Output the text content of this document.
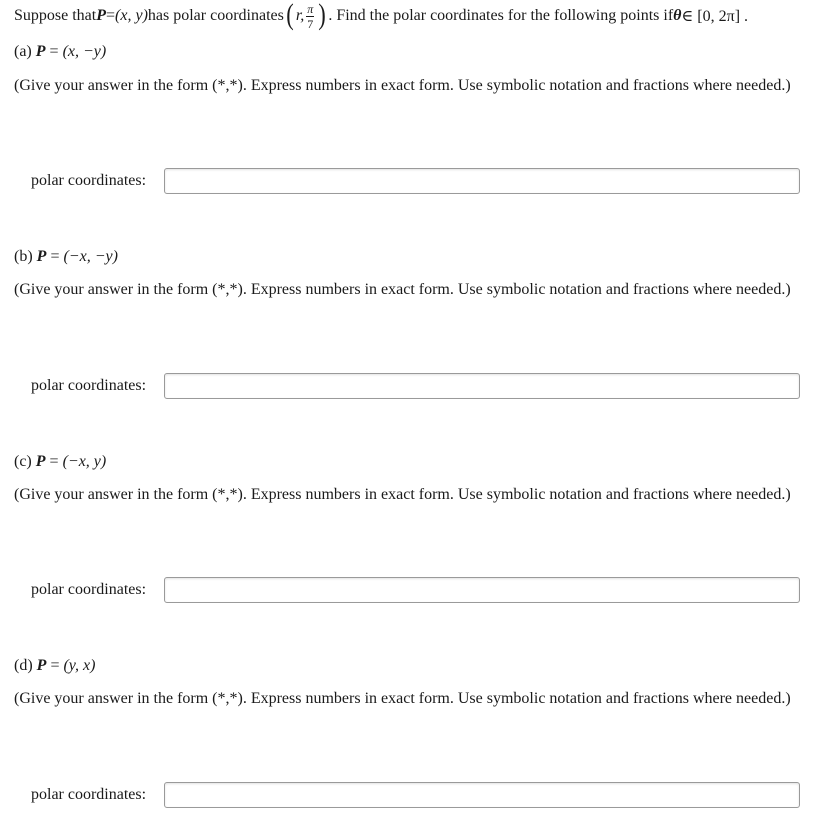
Suppose that P = (x, y) has polar coordinates ( r, $\frac{\pi}{7}$ ) . Find the polar coordinates for the following points if θ ∈ [0, 2π] .
(a) P = (x, −y)
(Give your answer in the form (*,*). Express numbers in exact form. Use symbolic notation and fractions where needed.)
polar coordinates:
(b) P = (−x, −y)
(Give your answer in the form (*,*). Express numbers in exact form. Use symbolic notation and fractions where needed.)
polar coordinates:
(c) P = (−x, y)
(Give your answer in the form (*,*). Express numbers in exact form. Use symbolic notation and fractions where needed.)
polar coordinates:
(d) P = (y, x)
(Give your answer in the form (*,*). Express numbers in exact form. Use symbolic notation and fractions where needed.)
polar coordinates:
